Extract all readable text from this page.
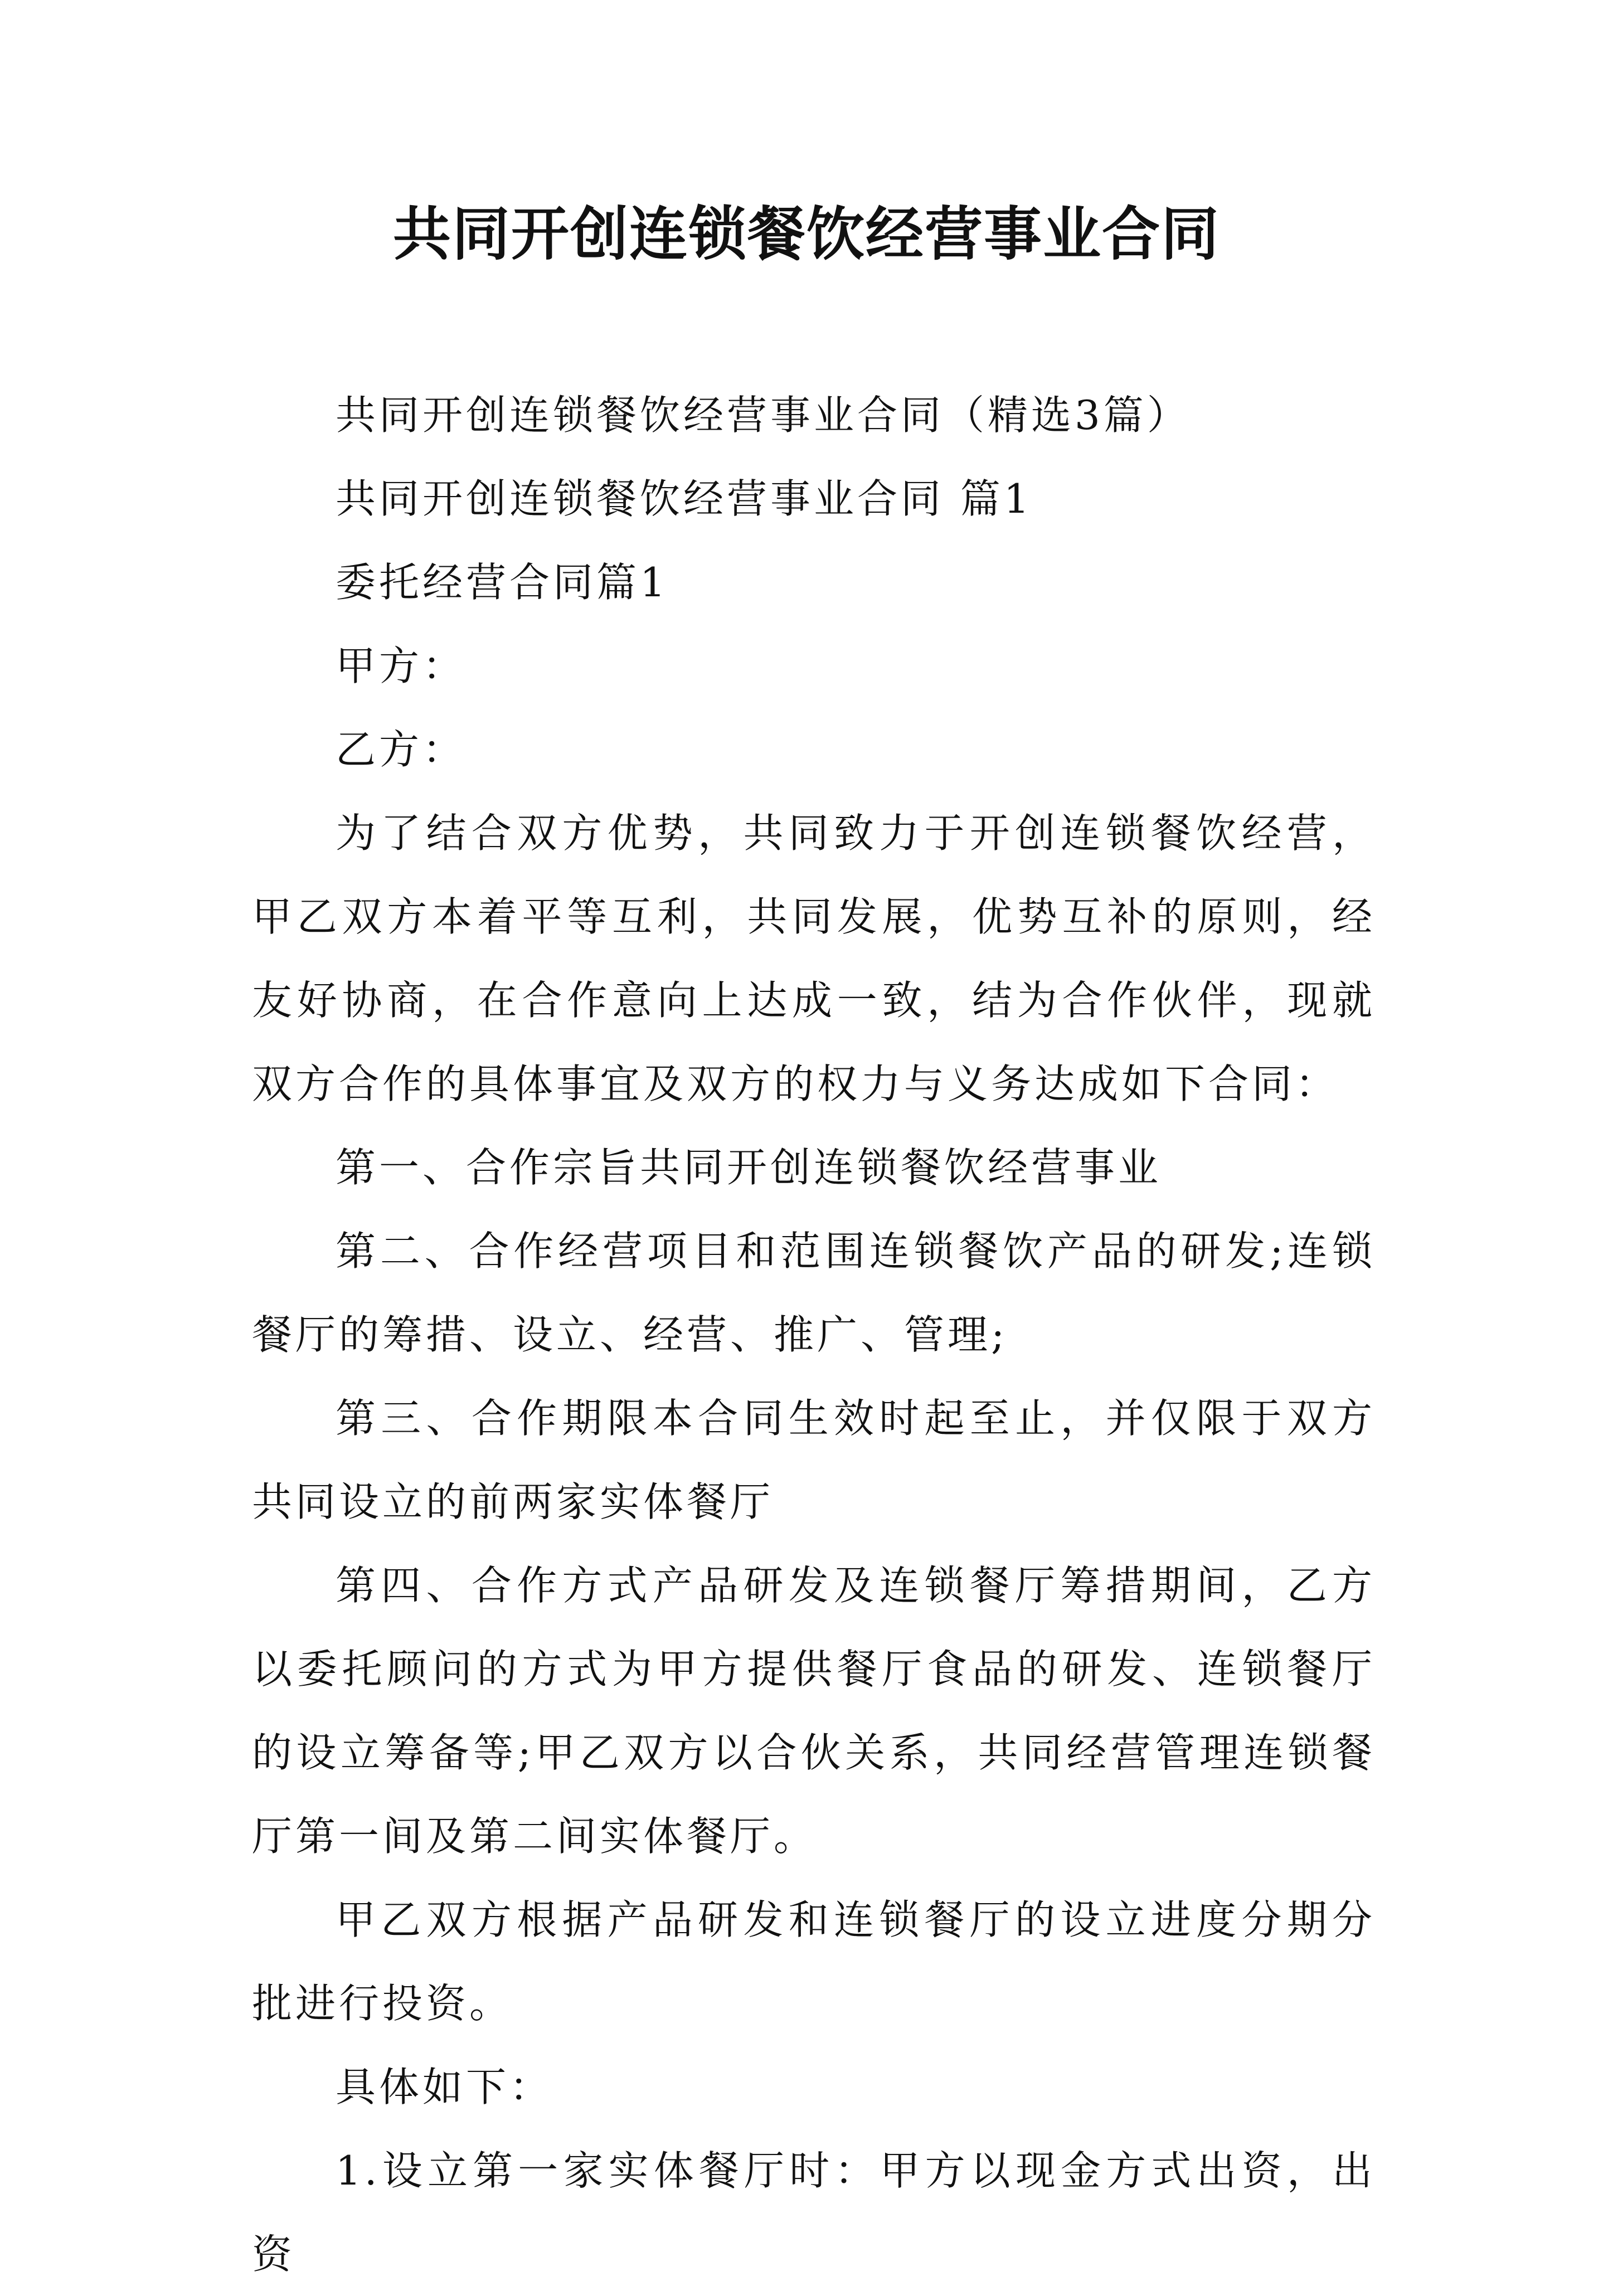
共同开创连锁餐饮经营事业合同

共同开创连锁餐饮经营事业合同（精选3篇）

共同开创连锁餐饮经营事业合同 篇1

委托经营合同篇1

甲方：

乙方：

为了结合双方优势，共同致力于开创连锁餐饮经营，甲乙双方本着平等互利，共同发展，优势互补的原则，经友好协商，在合作意向上达成一致，结为合作伙伴，现就双方合作的具体事宜及双方的权力与义务达成如下合同：

第一、合作宗旨共同开创连锁餐饮经营事业

第二、合作经营项目和范围连锁餐饮产品的研发;连锁餐厅的筹措、设立、经营、推广、管理;

第三、合作期限本合同生效时起至止，并仅限于双方共同设立的前两家实体餐厅

第四、合作方式产品研发及连锁餐厅筹措期间，乙方以委托顾问的方式为甲方提供餐厅食品的研发、连锁餐厅的设立筹备等;甲乙双方以合伙关系，共同经营管理连锁餐厅第一间及第二间实体餐厅。

甲乙双方根据产品研发和连锁餐厅的设立进度分期分批进行投资。

具体如下：

1.设立第一家实体餐厅时：甲方以现金方式出资，出资
